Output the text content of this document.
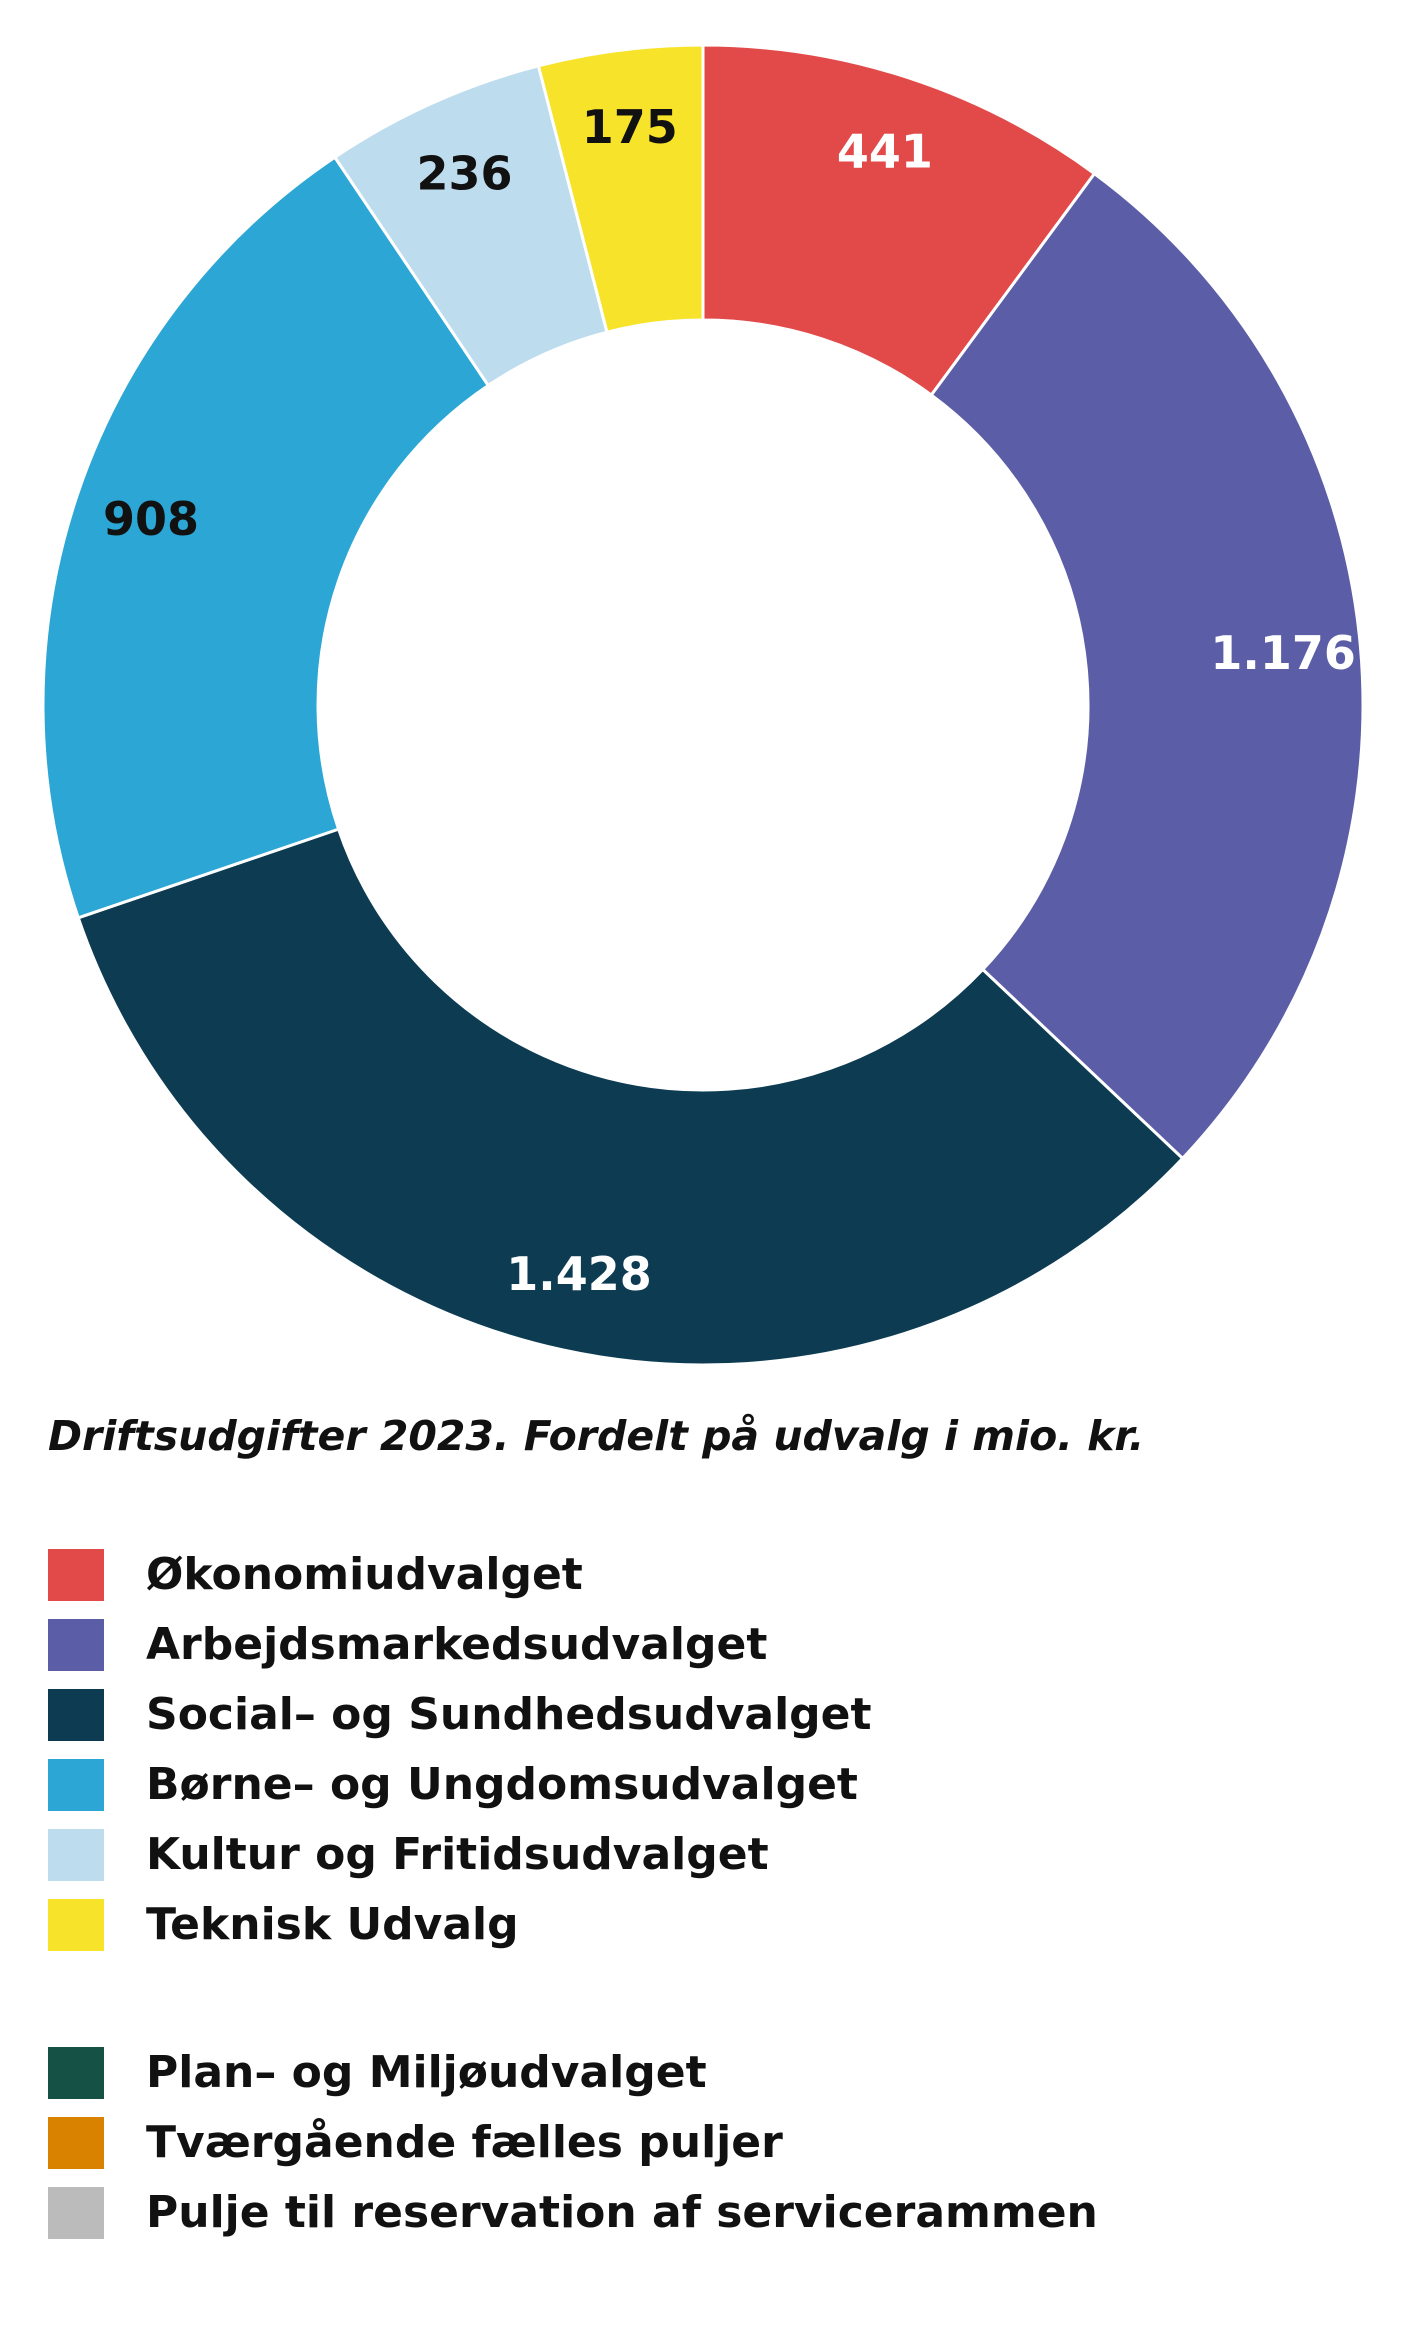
441
1.176
1.428
908
236
175
Driftsudgifter 2023. Fordelt på udvalg i mio. kr.
Økonomiudvalget
Arbejdsmarkedsudvalget
Social– og Sundhedsudvalget
Børne– og Ungdomsudvalget
Kultur og Fritidsudvalget
Teknisk Udvalg
Plan– og Miljøudvalget
Tværgående fælles puljer
Pulje til reservation af servicerammen
